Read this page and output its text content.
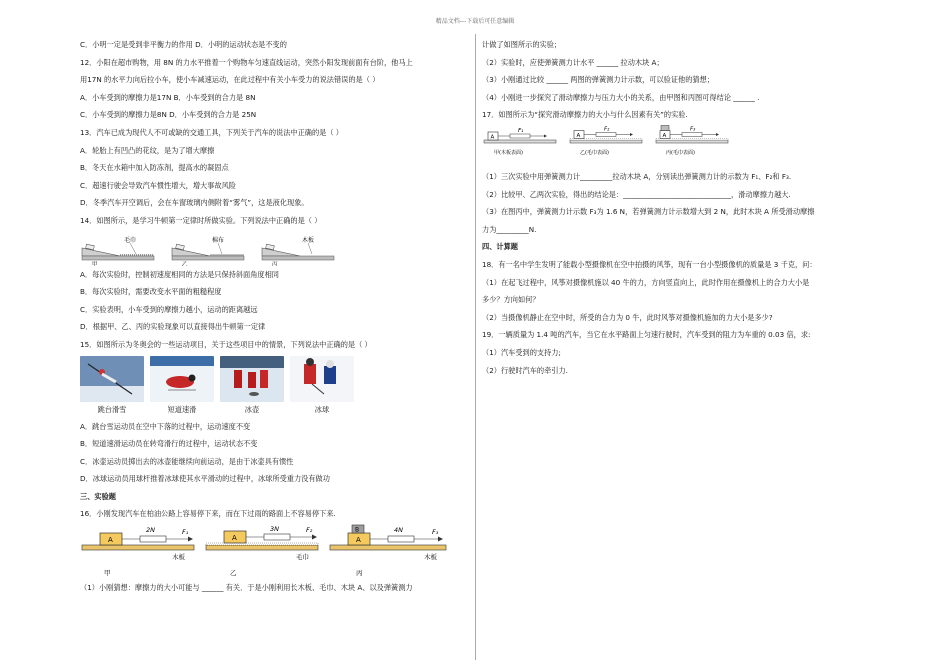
精品文档---下载后可任意编辑
C．小明一定是受到非平衡力的作用 D．小明的运动状态是不变的
12．小阳在超市购物，用 8N 的力水平推着一个购物车匀速直线运动，突然小阳发现前面有台阶，他马上
用17N 的水平力向后拉小车，使小车减速运动，在此过程中有关小车受力的说法错误的是（ ）
A．小车受到的摩擦力是17N B．小车受到的合力是 8N
C．小车受到的摩擦力是8N D．小车受到的合力是 25N
13．汽车已成为现代人不可或缺的交通工具，下列关于汽车的说法中正确的是（ ）
A．轮胎上有凹凸的花纹，是为了增大摩擦
B．冬天在水箱中加入防冻剂，提高水的凝固点
C．超速行驶会导致汽车惯性增大，增大事故风险
D．冬季汽车开空调后，会在车窗玻璃内侧附着“雾气”，这是液化现象。
14．如图所示，是学习牛顿第一定律时所做实验。下列说法中正确的是（ ）
毛巾	棉布	木板
甲	乙	丙
A．每次实验时，控制初速度相同的方法是只保持斜面角度相同
B．每次实验时，需要改变水平面的粗糙程度
C．实验表明，小车受到的摩擦力越小，运动的距离越远
D．根据甲、乙、丙的实验现象可以直接得出牛顿第一定律
15．如图所示为冬奥会的一些运动项目，关于这些项目中的情景，下列说法中正确的是（ ）
跳台滑雪	短道速滑	冰壶	冰球
A．跳台雪运动员在空中下落的过程中，运动速度不变
B．短道速滑运动员在转弯滑行的过程中，运动状态不变
C．冰壶运动员掷出去的冰壶能继续向前运动，是由于冰壶具有惯性
D．冰球运动员用球杆推着冰球使其水平滑动的过程中，冰球所受重力没有做功
三、实验题
16．小刚发现汽车在柏油公路上容易停下来，而在下过雨的路面上不容易停下来.
A
2N	F₁
木板
甲
A
3N	F₂
毛巾
乙
B
A
4N	F₃
木板
丙
（1）小刚猜想：摩擦力的大小可能与 ______ 有关．于是小刚利用长木板、毛巾、木块 A、以及弹簧测力
计做了如图所示的实验；
（2）实验时，应使弹簧测力计水平 ______ 拉动木块 A；
（3）小刚通过比较 ______ 两图的弹簧测力计示数，可以验证他的猜想；
（4）小刚进一步探究了滑动摩擦力与压力大小的关系，由甲图和丙图可得结论 ______ .
17．如图所示为“探究滑动摩擦力的大小与什么因素有关”的实验.
A
F₁
甲(木板表面)
A
F₂
乙(毛巾表面)
A
F₃
丙(毛巾表面)
（1）三次实验中用弹簧测力计_________拉动木块 A，分别读出弹簧测力计的示数为 F₁、F₂和 F₃.
（2）比较甲、乙两次实验，得出的结论是：______________________________，滑动摩擦力越大.
（3）在图丙中，弹簧测力计示数 F₃为 1.6 N，若弹簧测力计示数增大到 2 N，此时木块 A 所受滑动摩擦
力为_________N.
四、计算题
18．有一名中学生发明了能载小型摄像机在空中拍摄的风筝，现有一台小型摄像机的质量是 3 千克，问：
（1）在起飞过程中，风筝对摄像机施以 40 牛的力，方向竖直向上，此时作用在摄像机上的合力大小是
多少？方向如何？
（2）当摄像机静止在空中时，所受的合力为 0 牛，此时风筝对摄像机施加的力大小是多少?
19．一辆质量为 1.4 吨的汽车，当它在水平路面上匀速行驶时，汽车受到的阻力为车重的 0.03 倍，求:
（1）汽车受到的支持力;
（2）行驶时汽车的牵引力.
